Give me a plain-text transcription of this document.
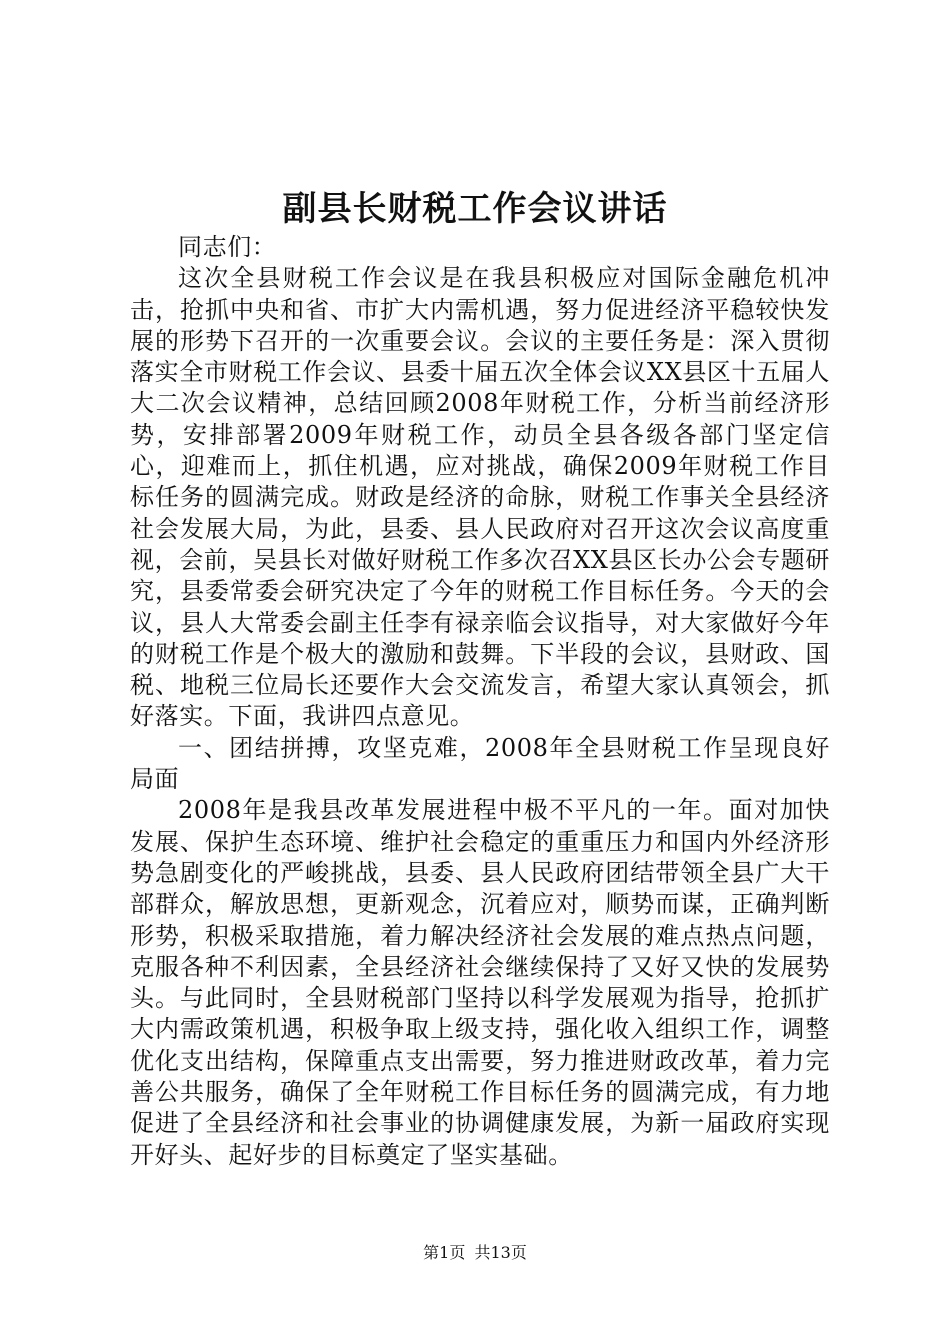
副县长财税工作会议讲话

同志们：

这次全县财税工作会议是在我县积极应对国际金融危机冲击，抢抓中央和省、市扩大内需机遇，努力促进经济平稳较快发展的形势下召开的一次重要会议。会议的主要任务是：深入贯彻落实全市财税工作会议、县委十届五次全体会议XX县区十五届人大二次会议精神，总结回顾2008年财税工作，分析当前经济形势，安排部署2009年财税工作，动员全县各级各部门坚定信心，迎难而上，抓住机遇，应对挑战，确保2009年财税工作目标任务的圆满完成。财政是经济的命脉，财税工作事关全县经济社会发展大局，为此，县委、县人民政府对召开这次会议高度重视，会前，吴县长对做好财税工作多次召XX县区长办公会专题研究，县委常委会研究决定了今年的财税工作目标任务。今天的会议，县人大常委会副主任李有禄亲临会议指导，对大家做好今年的财税工作是个极大的激励和鼓舞。下半段的会议，县财政、国税、地税三位局长还要作大会交流发言，希望大家认真领会，抓好落实。下面，我讲四点意见。

一、团结拼搏，攻坚克难，2008年全县财税工作呈现良好局面

2008年是我县改革发展进程中极不平凡的一年。面对加快发展、保护生态环境、维护社会稳定的重重压力和国内外经济形势急剧变化的严峻挑战，县委、县人民政府团结带领全县广大干部群众，解放思想，更新观念，沉着应对，顺势而谋，正确判断形势，积极采取措施，着力解决经济社会发展的难点热点问题，克服各种不利因素，全县经济社会继续保持了又好又快的发展势头。与此同时，全县财税部门坚持以科学发展观为指导，抢抓扩大内需政策机遇，积极争取上级支持，强化收入组织工作，调整优化支出结构，保障重点支出需要，努力推进财政改革，着力完善公共服务，确保了全年财税工作目标任务的圆满完成，有力地促进了全县经济和社会事业的协调健康发展，为新一届政府实现开好头、起好步的目标奠定了坚实基础。

第1页 共13页
